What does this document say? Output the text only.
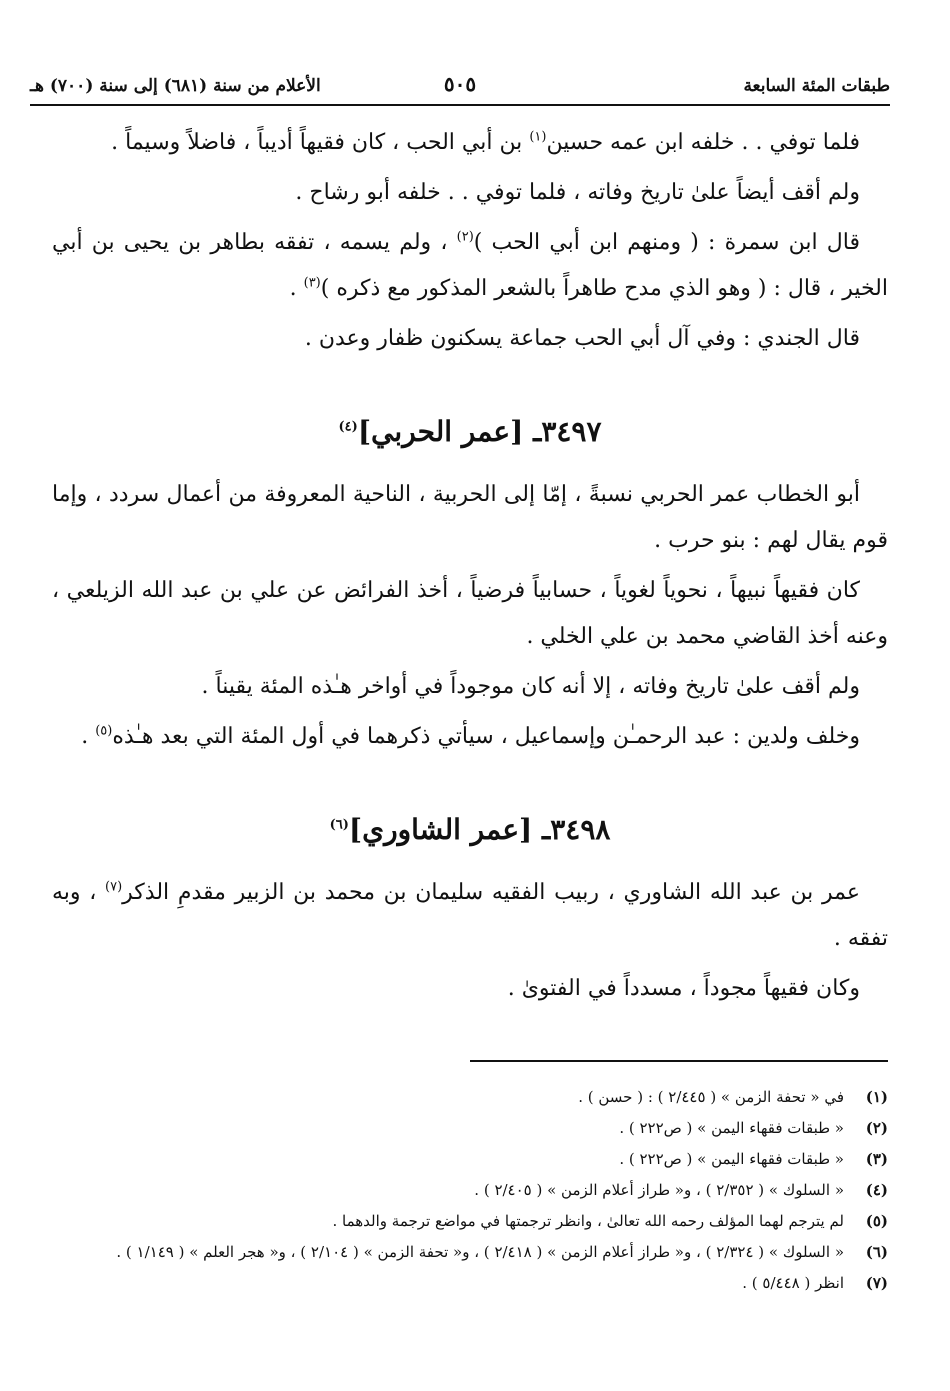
طبقات المئة السابعة
٥٠٥
الأعلام من سنة (٦٨١) إلى سنة (٧٠٠) هـ

فلما توفي . . خلفه ابن عمه حسين$^{(١)}$ بن أبي الحب ، كان فقيهاً أديباً ، فاضلاً وسيماً .

ولم أقف أيضاً علىٰ تاريخ وفاته ، فلما توفي . . خلفه أبو رشاح .

قال ابن سمرة : ( ومنهم ابن أبي الحب )$^{(٢)}$ ، ولم يسمه ، تفقه بطاهر بن يحيى بن أبي الخير ، قال : ( وهو الذي مدح طاهراً بالشعر المذكور مع ذكره )$^{(٣)}$ .

قال الجندي : وفي آل أبي الحب جماعة يسكنون ظفار وعدن .

٣٤٩٧ـ [عمر الحربي]$^{(٤)}$

أبو الخطاب عمر الحربي نسبةً ، إمّا إلى الحربية ، الناحية المعروفة من أعمال سردد ، وإما قوم يقال لهم : بنو حرب .

كان فقيهاً نبيهاً ، نحوياً لغوياً ، حسابياً فرضياً ، أخذ الفرائض عن علي بن عبد الله الزيلعي ، وعنه أخذ القاضي محمد بن علي الخلي .

ولم أقف علىٰ تاريخ وفاته ، إلا أنه كان موجوداً في أواخر هـٰذه المئة يقيناً .

وخلف ولدين : عبد الرحمـٰن وإسماعيل ، سيأتي ذكرهما في أول المئة التي بعد هـٰذه$^{(٥)}$ .

٣٤٩٨ـ [عمر الشاوري]$^{(٦)}$

عمر بن عبد الله الشاوري ، ربيب الفقيه سليمان بن محمد بن الزبير مقدمِ الذكر$^{(٧)}$ ، وبه تفقه .

وكان فقيهاً مجوداً ، مسدداً في الفتوىٰ .

(١)
في « تحفة الزمن » ( ٢/٤٤٥ ) : ( حسن ) .
(٢)
« طبقات فقهاء اليمن » ( ص٢٢٢ ) .
(٣)
« طبقات فقهاء اليمن » ( ص٢٢٢ ) .
(٤)
« السلوك » ( ٢/٣٥٢ ) ، و« طراز أعلام الزمن » ( ٢/٤٠٥ ) .
(٥)
لم يترجم لهما المؤلف رحمه الله تعالىٰ ، وانظر ترجمتها في مواضع ترجمة والدهما .
(٦)
« السلوك » ( ٢/٣٢٤ ) ، و« طراز أعلام الزمن » ( ٢/٤١٨ ) ، و« تحفة الزمن » ( ٢/١٠٤ ) ، و« هجر العلم » ( ١/١٤٩ ) .
(٧)
انظر ( ٥/٤٤٨ ) .
